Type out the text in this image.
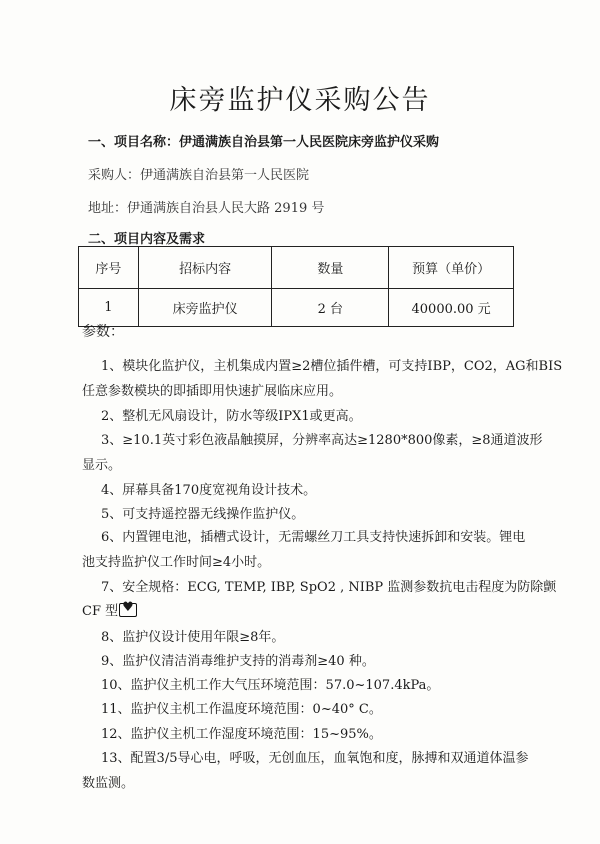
床旁监护仪采购公告
一、项目名称：伊通满族自治县第一人民医院床旁监护仪采购
采购人：伊通满族自治县第一人民医院
地址：伊通满族自治县人民大路 2919 号
二、项目内容及需求
序号	招标内容	数量	预算（单价）
1	床旁监护仪	2 台	40000.00 元
参数：
1、模块化监护仪，主机集成内置≥2槽位插件槽，可支持IBP，CO2，AG和BIS
任意参数模块的即插即用快速扩展临床应用。
2、整机无风扇设计，防水等级IPX1或更高。
3、≥10.1英寸彩色液晶触摸屏，分辨率高达≥1280*800像素，≥8通道波形
显示。
4、屏幕具备170度宽视角设计技术。
5、可支持遥控器无线操作监护仪。
6、内置锂电池，插槽式设计，无需螺丝刀工具支持快速拆卸和安装。锂电
池支持监护仪工作时间≥4小时。
7、安全规格：ECG, TEMP, IBP, SpO2 , NIBP 监测参数抗电击程度为防除颤
CF 型♥
8、监护仪设计使用年限≥8年。
9、监护仪清洁消毒维护支持的消毒剂≥40 种。
10、监护仪主机工作大气压环境范围：57.0~107.4kPa。
11、监护仪主机工作温度环境范围：0~40° C。
12、监护仪主机工作湿度环境范围：15~95%。
13、配置3/5导心电，呼吸，无创血压，血氧饱和度，脉搏和双通道体温参
数监测。
